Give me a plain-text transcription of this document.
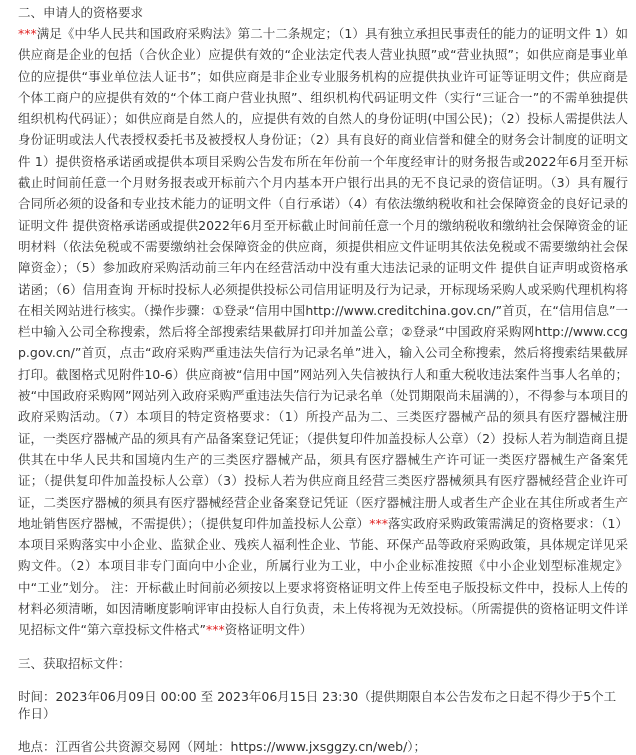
二、申请人的资格要求

***满足《中华人民共和国政府采购法》第二十二条规定；（1）具有独立承担民事责任的能力的证明文件 1）如供应商是企业的包括（合伙企业）应提供有效的“企业法定代表人营业执照”或“营业执照”；如供应商是事业单位的应提供“事业单位法人证书”；如供应商是非企业专业服务机构的应提供执业许可证等证明文件；供应商是个体工商户的应提供有效的“个体工商户营业执照”、组织机构代码证明文件（实行“三证合一”的不需单独提供组织机构代码证）；如供应商是自然人的，应提供有效的自然人的身份证明(中国公民)；（2）投标人需提供法人身份证明或法人代表授权委托书及被授权人身份证；（2）具有良好的商业信誉和健全的财务会计制度的证明文件 1）提供资格承诺函或提供本项目采购公告发布所在年份前一个年度经审计的财务报告或2022年6月至开标截止时间前任意一个月财务报表或开标前六个月内基本开户银行出具的无不良记录的资信证明。（3）具有履行合同所必须的设备和专业技术能力的证明文件（自行承诺）（4）有依法缴纳税收和社会保障资金的良好记录的证明文件 提供资格承诺函或提供2022年6月至开标截止时间前任意一个月的缴纳税收和缴纳社会保障资金的证明材料（依法免税或不需要缴纳社会保障资金的供应商，须提供相应文件证明其依法免税或不需要缴纳社会保障资金）；（5）参加政府采购活动前三年内在经营活动中没有重大违法记录的证明文件 提供自证声明或资格承诺函；（6）信用查询 开标时投标人必须提供投标公司信用证明及行为记录，开标现场采购人或采购代理机构将在相关网站进行核实。（操作步骤：①登录“信用中国http://www.creditchina.gov.cn/”首页，在“信用信息”一栏中输入公司全称搜索，然后将全部搜索结果截屏打印并加盖公章；②登录“中国政府采购网http://www.ccgp.gov.cn/”首页，点击“政府采购严重违法失信行为记录名单”进入，输入公司全称搜索，然后将搜索结果截屏打印。截图格式见附件10-6）供应商被“信用中国”网站列入失信被执行人和重大税收违法案件当事人名单的；被“中国政府采购网”网站列入政府采购严重违法失信行为记录名单（处罚期限尚未届满的），不得参与本项目的政府采购活动。（7）本项目的特定资格要求：（1）所投产品为二、三类医疗器械产品的须具有医疗器械注册证，一类医疗器械产品的须具有产品备案登记凭证；（提供复印件加盖投标人公章）（2）投标人若为制造商且提供其在中华人民共和国境内生产的三类医疗器械产品，须具有医疗器械生产许可证一类医疗器械生产备案凭证；（提供复印件加盖投标人公章）（3）投标人若为供应商且经营三类医疗器械须具有医疗器械经营企业许可证，二类医疗器械的须具有医疗器械经营企业备案登记凭证（医疗器械注册人或者生产企业在其住所或者生产地址销售医疗器械，不需提供）；（提供复印件加盖投标人公章）***落实政府采购政策需满足的资格要求：（1）本项目采购落实中小企业、监狱企业、残疾人福利性企业、节能、环保产品等政府采购政策，具体规定详见采购文件。（2）本项目非专门面向中小企业，所属行业为工业，中小企业标准按照《中小企业划型标准规定》中“工业”划分。 注：开标截止时间前必须按以上要求将资格证明文件上传至电子版投标文件中，投标人上传的材料必须清晰，如因清晰度影响评审由投标人自行负责，未上传将视为无效投标。（所需提供的资格证明文件详见招标文件“第六章投标文件格式”***资格证明文件）

三、获取招标文件：
时间：2023年06月09日 00:00 至 2023年06月15日 23:30（提供期限自本公告发布之日起不得少于5个工作日）
地点：江西省公共资源交易网（网址：https://www.jxsggzy.cn/web/）；
